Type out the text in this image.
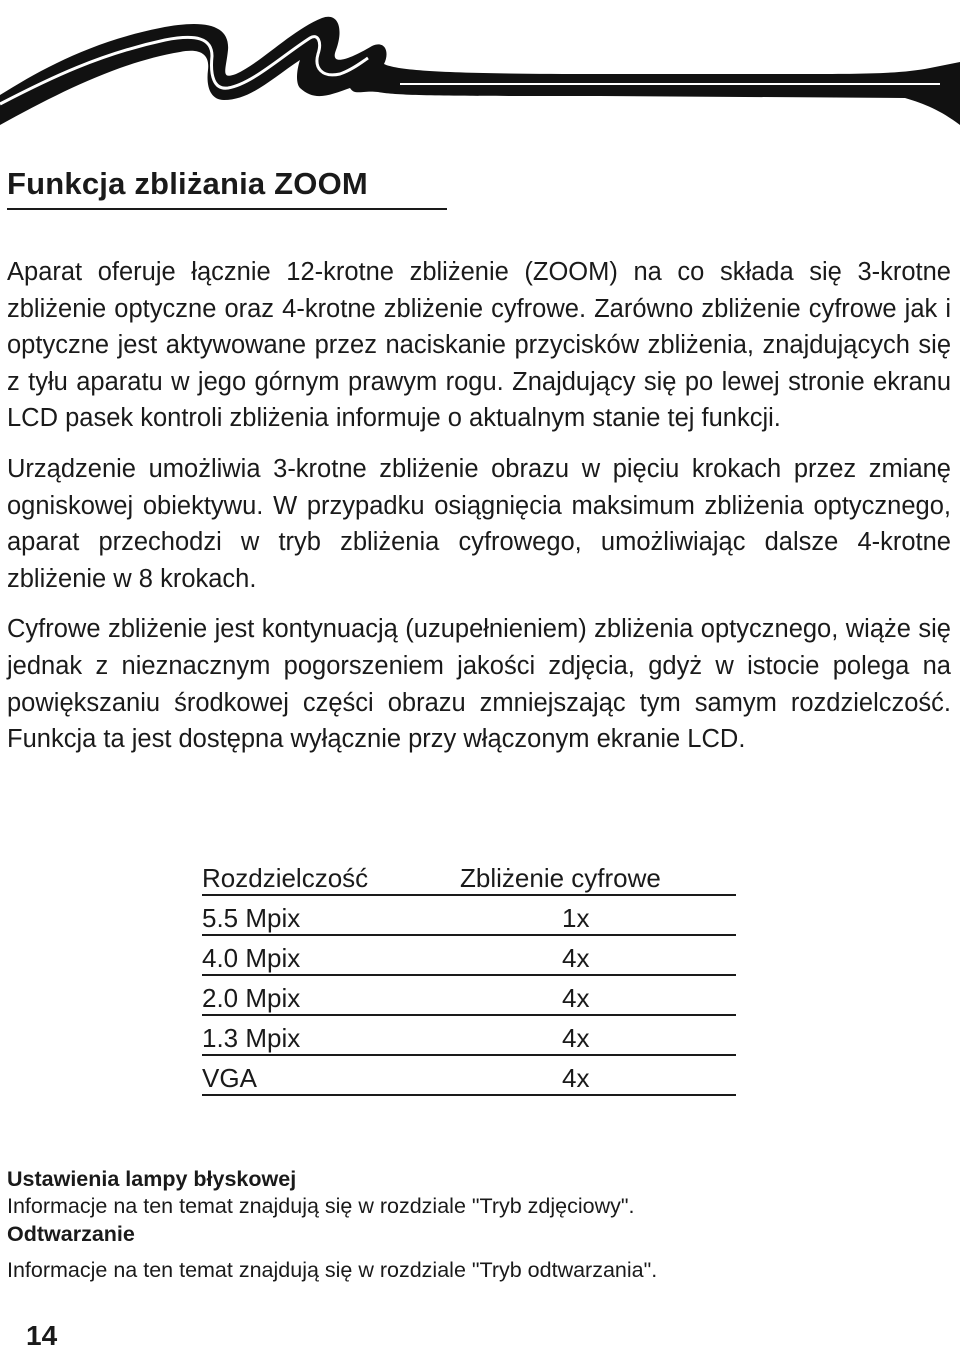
Funkcja zbliżania ZOOM

Aparat oferuje łącznie 12-krotne zbliżenie (ZOOM) na co składa się 3-krotne zbliżenie optyczne oraz 4-krotne zbliżenie cyfrowe. Zarówno zbliżenie cyfrowe jak i optyczne jest aktywowane przez naciskanie przycisków zbliżenia, znajdujących się z tyłu aparatu w jego górnym prawym rogu. Znajdujący się po lewej stronie ekranu LCD pasek kontroli zbliżenia informuje o aktualnym stanie tej funkcji.

Urządzenie umożliwia 3-krotne zbliżenie obrazu w pięciu krokach przez zmianę ogniskowej obiektywu. W przypadku osiągnięcia maksimum zbliżenia optycznego, aparat przechodzi w tryb zbliżenia cyfrowego, umożliwiając dalsze 4-krotne zbliżenie w 8 krokach.

Cyfrowe zbliżenie jest kontynuacją (uzupełnieniem) zbliżenia optycznego, wiąże się jednak z nieznacznym pogorszeniem jakości zdjęcia, gdyż w istocie polega na powiększaniu środkowej części obrazu zmniejszając tym samym rozdzielczość. Funkcja ta jest dostępna wyłącznie przy włączonym ekranie LCD.

Rozdzielczość	Zbliżenie cyfrowe
5.5 Mpix	1x
4.0 Mpix	4x
2.0 Mpix	4x
1.3 Mpix	4x
VGA	4x
Ustawienia lampy błyskowej
Informacje na ten temat znajdują się w rozdziale "Tryb zdjęciowy".
Odtwarzanie
Informacje na ten temat znajdują się w rozdziale "Tryb odtwarzania".
14
